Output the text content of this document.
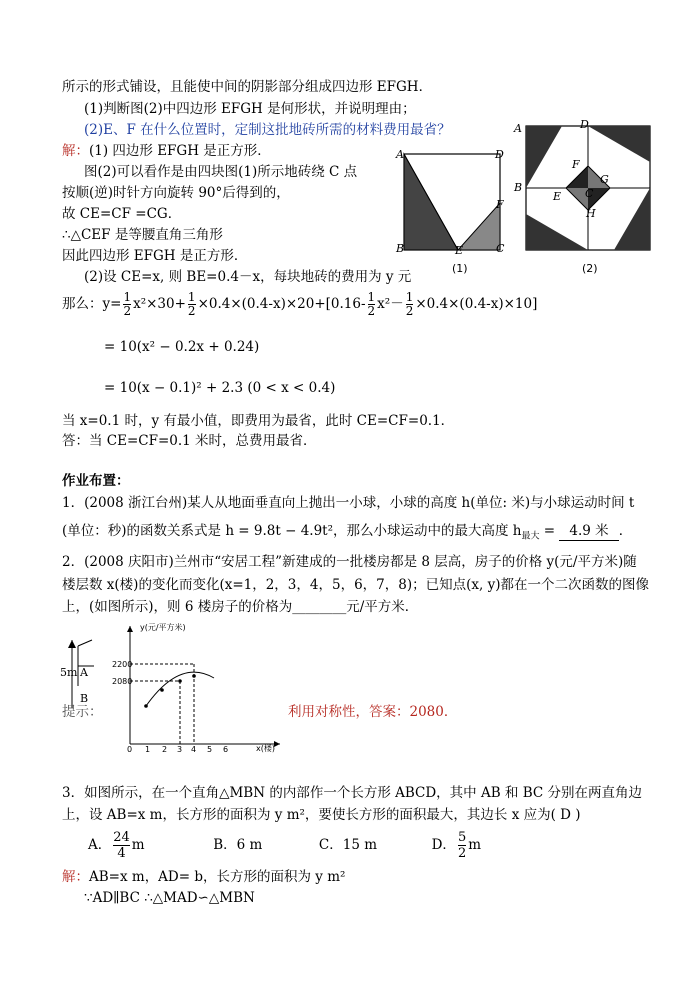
所示的形式铺设，且能使中间的阴影部分组成四边形 EFGH．
(1)判断图(2)中四边形 EFGH 是何形状，并说明理由；
(2)E、F 在什么位置时，定制这批地砖所需的材料费用最省？
解：(1) 四边形 EFGH 是正方形．
图(2)可以看作是由四块图(1)所示地砖绕 C 点
按顺(逆)时针方向旋转 90°后得到的，
故 CE=CF =CG．
∴△CEF 是等腰直角三角形
因此四边形 EFGH 是正方形．
(2)设 CE=x, 则 BE=0.4－x，每块地砖的费用为 y 元
那么：$y= \frac{1}{2} x^2\times 30+ \frac{1}{2} \times 0.4\times(0.4-x)\times 20+[0.16- \frac{1}{2} x^2- \frac{1}{2} \times 0.4\times(0.4-x)\times 10]$
= 10(x² − 0.2x + 0.24)
= 10(x − 0.1)² + 2.3 (0 < x < 0.4)
当 x=0.1 时，y 有最小值，即费用为最省，此时 CE=CF=0.1．
答：当 CE=CF=0.1 米时，总费用最省．
A	D
B	E	C
F
(1)
A	D
B
F
G
C
E
H
(2)
作业布置：
1．(2008 浙江台州)某人从地面垂直向上抛出一小球，小球的高度 h(单位: 米)与小球运动时间 t
(单位：秒)的函数关系式是 h = 9.8t − 4.9t²，那么小球运动中的最大高度 $h_{最大} = 4.9$ 米 ．
2．(2008 庆阳市)兰州市“安居工程”新建成的一批楼房都是 8 层高，房子的价格 y(元/平方米)随
楼层数 x(楼)的变化而变化(x=1，2，3，4，5，6，7，8)；已知点(x, y)都在一个二次函数的图像
上，(如图所示)，则 6 楼房子的价格为________元/平方米．
5m A
B
提示：
y(元/平方米)
2200
2080
0 1 2 3 4 5 6	x(楼)
利用对称性，答案：2080．
3．如图所示，在一个直角△MBN 的内部作一个长方形 ABCD，其中 AB 和 BC 分别在两直角边
上，设 AB=x m，长方形的面积为 y m²，要使长方形的面积最大，其边长 x 应为( D )
A． $\frac{24}{4}$ m	B．6 m	C．15 m	D． $\frac{5}{2}$ m
解：AB=x m，AD= b，长方形的面积为 y m²
∵AD∥BC ∴△MAD∽△MBN
